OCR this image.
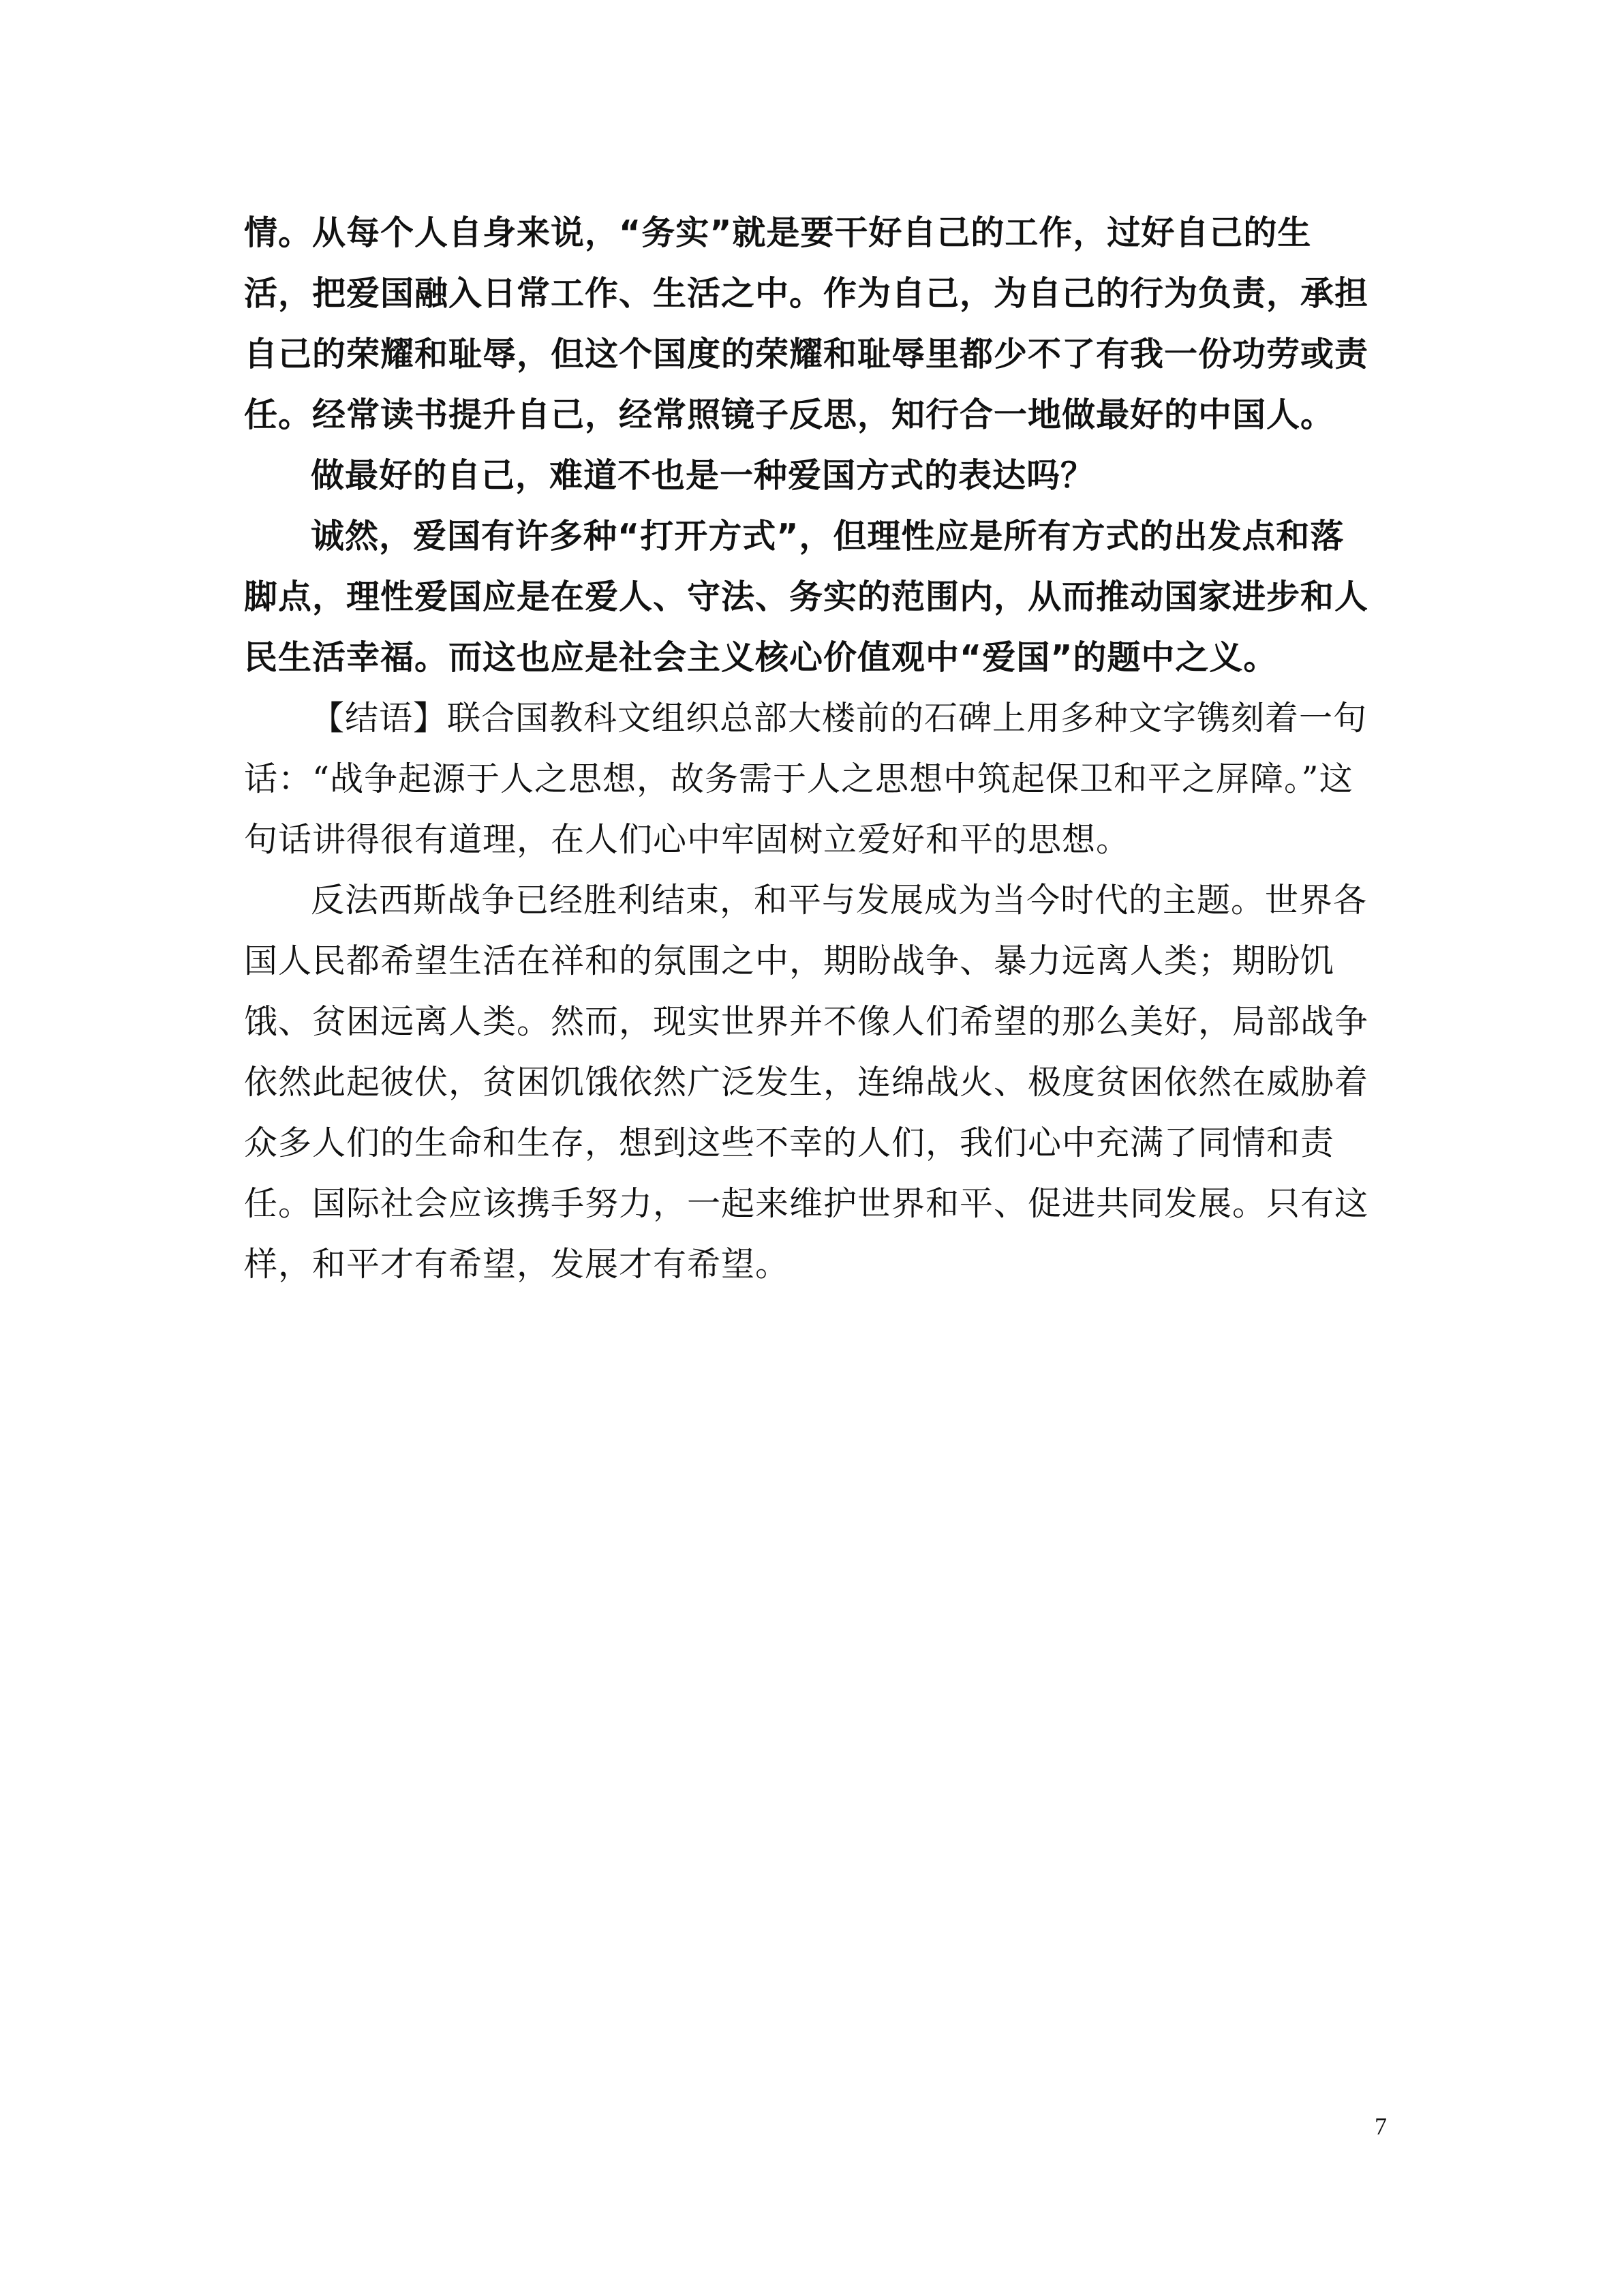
情。从每个人自身来说，“务实”就是要干好自己的工作，过好自己的生活，把爱国融入日常工作、生活之中。作为自己，为自己的行为负责，承担自己的荣耀和耻辱，但这个国度的荣耀和耻辱里都少不了有我一份功劳或责任。经常读书提升自己，经常照镜子反思，知行合一地做最好的中国人。

做最好的自己，难道不也是一种爱国方式的表达吗？

诚然，爱国有许多种“打开方式”，但理性应是所有方式的出发点和落脚点，理性爱国应是在爱人、守法、务实的范围内，从而推动国家进步和人民生活幸福。而这也应是社会主义核心价值观中“爱国”的题中之义。

【结语】联合国教科文组织总部大楼前的石碑上用多种文字镌刻着一句话：“战争起源于人之思想，故务需于人之思想中筑起保卫和平之屏障。”这句话讲得很有道理，在人们心中牢固树立爱好和平的思想。

反法西斯战争已经胜利结束，和平与发展成为当今时代的主题。世界各国人民都希望生活在祥和的氛围之中，期盼战争、暴力远离人类；期盼饥饿、贫困远离人类。然而，现实世界并不像人们希望的那么美好，局部战争依然此起彼伏，贫困饥饿依然广泛发生，连绵战火、极度贫困依然在威胁着众多人们的生命和生存，想到这些不幸的人们，我们心中充满了同情和责任。国际社会应该携手努力，一起来维护世界和平、促进共同发展。只有这样，和平才有希望，发展才有希望。

7
